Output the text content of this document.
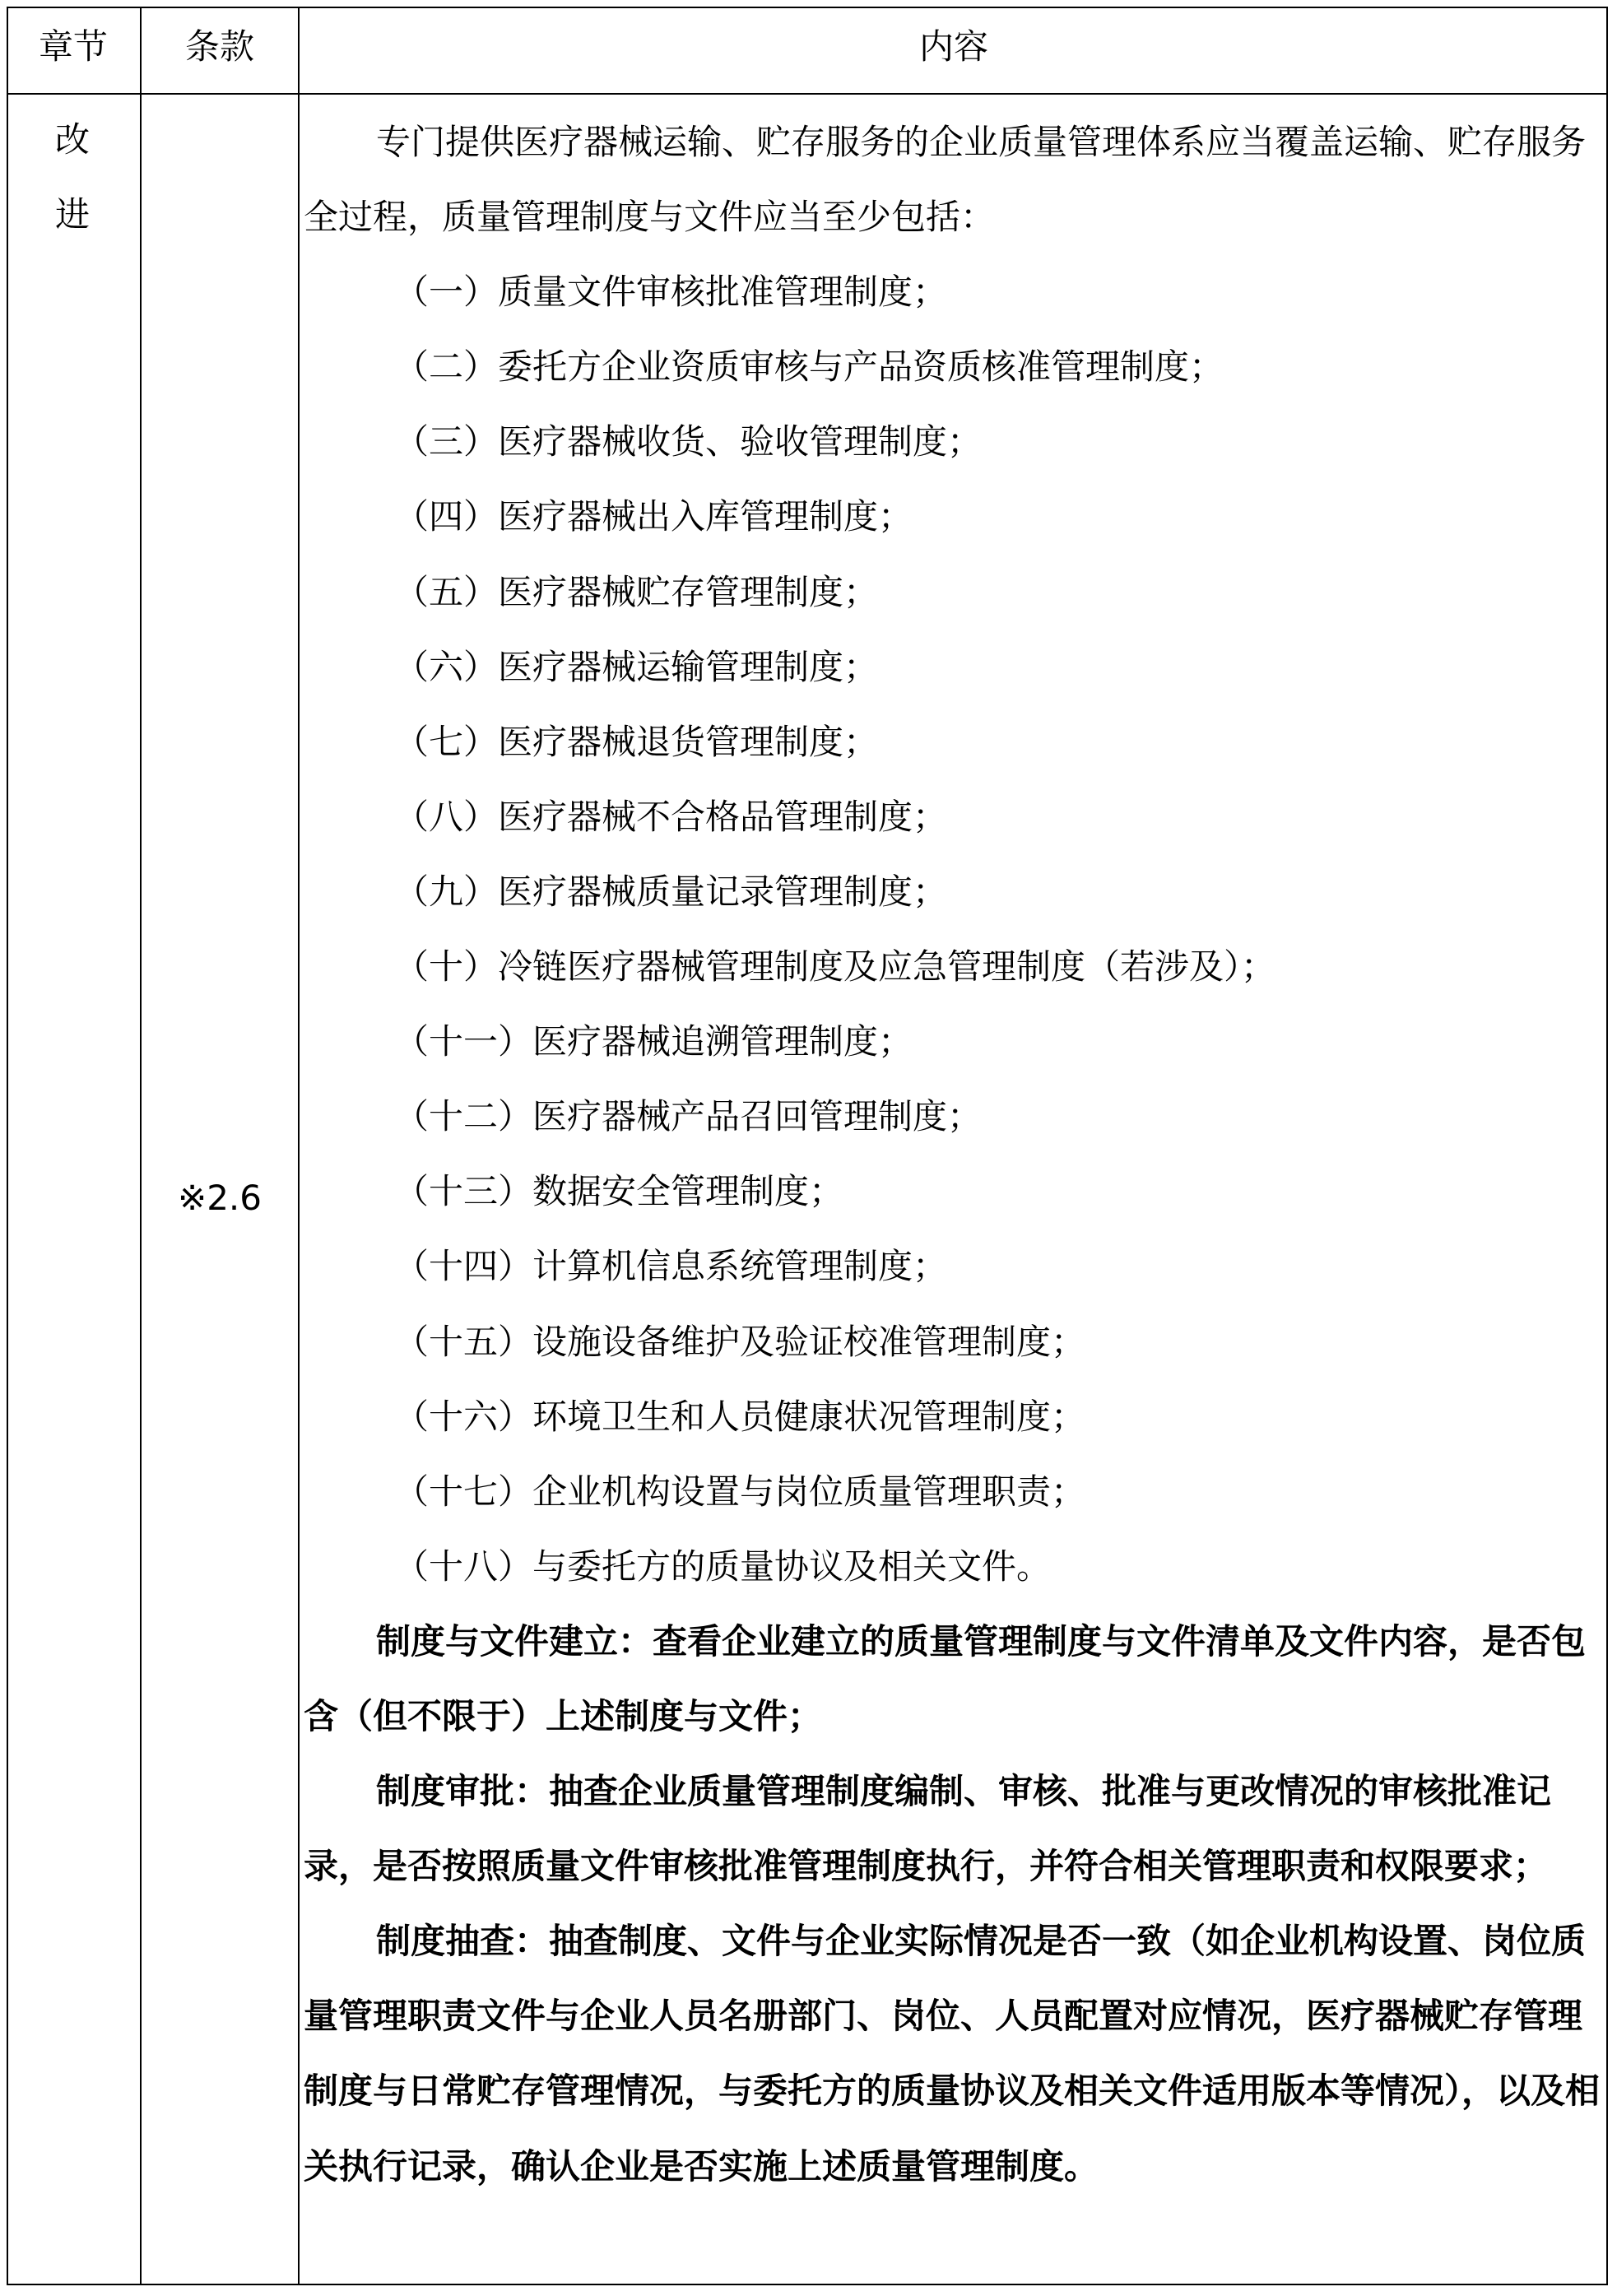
章节	条款	内容
改
进
※2.6

专门提供医疗器械运输、贮存服务的企业质量管理体系应当覆盖运输、贮存服务全过程，质量管理制度与文件应当至少包括：

（一）质量文件审核批准管理制度；

（二）委托方企业资质审核与产品资质核准管理制度；

（三）医疗器械收货、验收管理制度；

（四）医疗器械出入库管理制度；

（五）医疗器械贮存管理制度；

（六）医疗器械运输管理制度；

（七）医疗器械退货管理制度；

（八）医疗器械不合格品管理制度；

（九）医疗器械质量记录管理制度；

（十）冷链医疗器械管理制度及应急管理制度（若涉及）；

（十一）医疗器械追溯管理制度；

（十二）医疗器械产品召回管理制度；

（十三）数据安全管理制度；

（十四）计算机信息系统管理制度；

（十五）设施设备维护及验证校准管理制度；

（十六）环境卫生和人员健康状况管理制度；

（十七）企业机构设置与岗位质量管理职责；

（十八）与委托方的质量协议及相关文件。

制度与文件建立：查看企业建立的质量管理制度与文件清单及文件内容，是否包含（但不限于）上述制度与文件；

制度审批：抽查企业质量管理制度编制、审核、批准与更改情况的审核批准记录，是否按照质量文件审核批准管理制度执行，并符合相关管理职责和权限要求；

制度抽查：抽查制度、文件与企业实际情况是否一致（如企业机构设置、岗位质量管理职责文件与企业人员名册部门、岗位、人员配置对应情况，医疗器械贮存管理制度与日常贮存管理情况，与委托方的质量协议及相关文件适用版本等情况），以及相关执行记录，确认企业是否实施上述质量管理制度。
